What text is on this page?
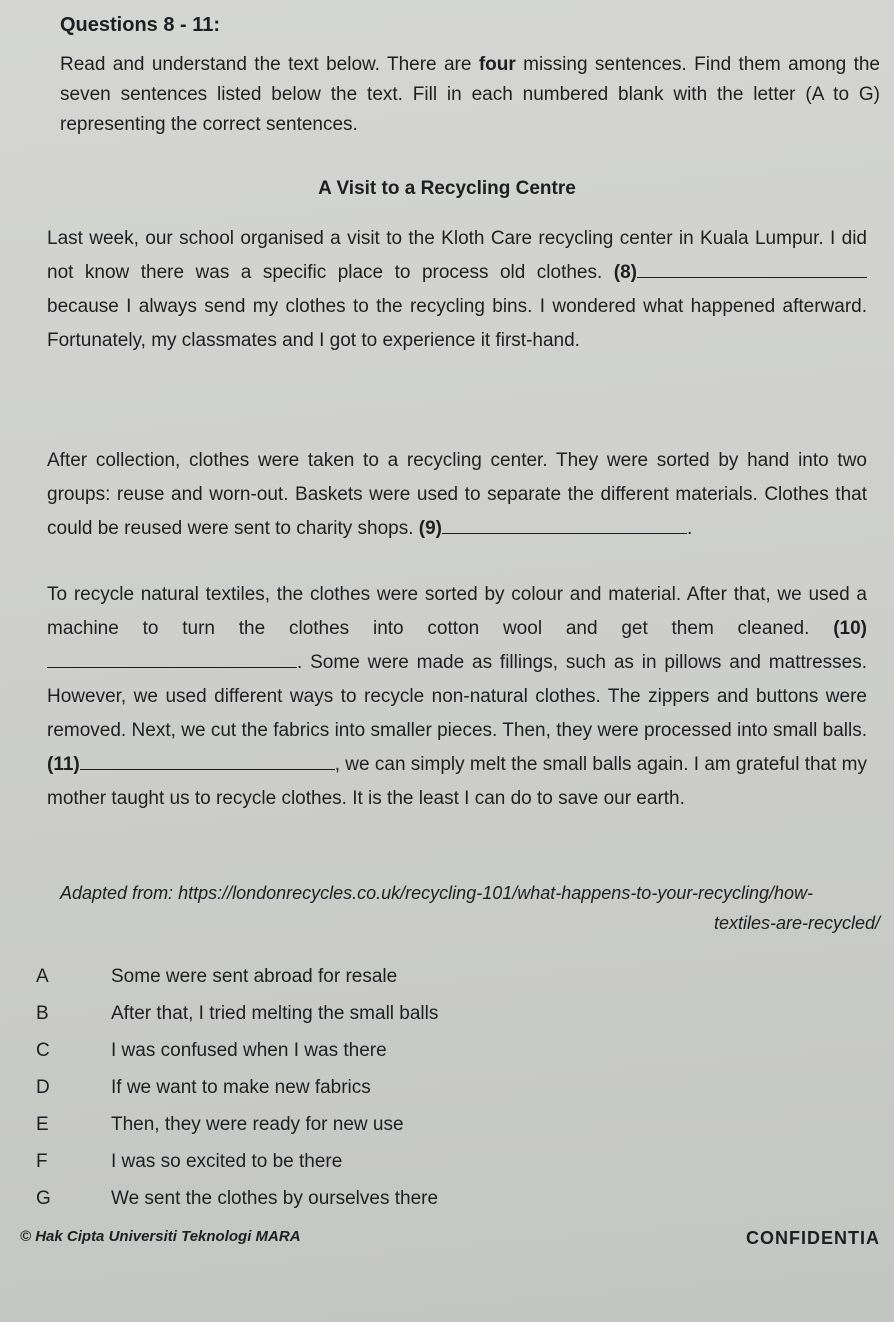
Questions 8 - 11:
Read and understand the text below. There are four missing sentences. Find them among the seven sentences listed below the text. Fill in each numbered blank with the letter (A to G) representing the correct sentences.
A Visit to a Recycling Centre
Last week, our school organised a visit to the Kloth Care recycling center in Kuala Lumpur. I did not know there was a specific place to process old clothes. (8) because I always send my clothes to the recycling bins. I wondered what happened afterward. Fortunately, my classmates and I got to experience it first-hand.
After collection, clothes were taken to a recycling center. They were sorted by hand into two groups: reuse and worn-out. Baskets were used to separate the different materials. Clothes that could be reused were sent to charity shops. (9)	.
To recycle natural textiles, the clothes were sorted by colour and material. After that, we used a machine to turn the clothes into cotton wool and get them cleaned. (10). Some were made as fillings, such as in pillows and mattresses. However, we used different ways to recycle non-natural clothes. The zippers and buttons were removed. Next, we cut the fabrics into smaller pieces. Then, they were processed into small balls. (11)	, we can simply melt the small balls again. I am grateful that my mother taught us to recycle clothes. It is the least I can do to save our earth.
Adapted from: https://londonrecycles.co.uk/recycling-101/what-happens-to-your-recycling/how-
textiles-are-recycled/
A	Some were sent abroad for resale
B	After that, I tried melting the small balls
C	I was confused when I was there
D	If we want to make new fabrics
E	Then, they were ready for new use
F	I was so excited to be there
G	We sent the clothes by ourselves there
© Hak Cipta Universiti Teknologi MARA	CONFIDENTIA
